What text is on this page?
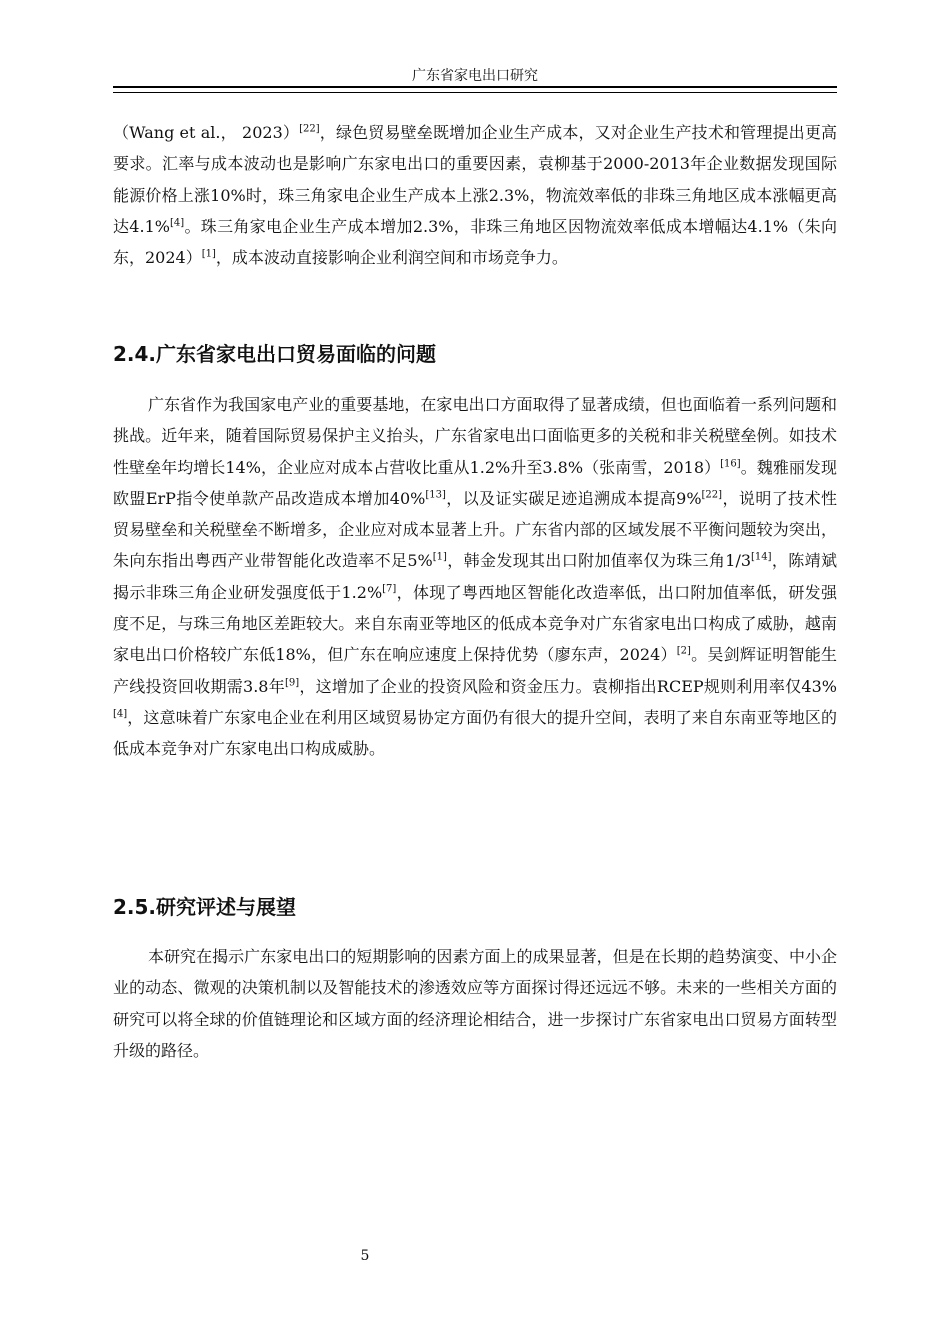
广东省家电出口研究

（Wang et al.， 2023）[22]，绿色贸易壁垒既增加企业生产成本，又对企业生产技术和管理提出更高要求。汇率与成本波动也是影响广东家电出口的重要因素，袁柳基于2000-2013年企业数据发现国际能源价格上涨10%时，珠三角家电企业生产成本上涨2.3%，物流效率低的非珠三角地区成本涨幅更高达4.1%[4]。珠三角家电企业生产成本增加2.3%，非珠三角地区因物流效率低成本增幅达4.1%（朱向东，2024）[1]，成本波动直接影响企业利润空间和市场竞争力。

2.4.广东省家电出口贸易面临的问题

广东省作为我国家电产业的重要基地，在家电出口方面取得了显著成绩，但也面临着一系列问题和挑战。近年来，随着国际贸易保护主义抬头，广东省家电出口面临更多的关税和非关税壁垒例。如技术性壁垒年均增长14%，企业应对成本占营收比重从1.2%升至3.8%（张南雪，2018）[16]。魏雅丽发现欧盟ErP指令使单款产品改造成本增加40%[13]，以及证实碳足迹追溯成本提高9%[22]，说明了技术性贸易壁垒和关税壁垒不断增多，企业应对成本显著上升。广东省内部的区域发展不平衡问题较为突出，朱向东指出粤西产业带智能化改造率不足5%[1]，韩金发现其出口附加值率仅为珠三角1/3[14]，陈靖斌揭示非珠三角企业研发强度低于1.2%[7]，体现了粤西地区智能化改造率低，出口附加值率低，研发强度不足，与珠三角地区差距较大。来自东南亚等地区的低成本竞争对广东省家电出口构成了威胁，越南家电出口价格较广东低18%，但广东在响应速度上保持优势（廖东声，2024）[2]。吴剑辉证明智能生产线投资回收期需3.8年[9]，这增加了企业的投资风险和资金压力。袁柳指出RCEP规则利用率仅43%[4]，这意味着广东家电企业在利用区域贸易协定方面仍有很大的提升空间，表明了来自东南亚等地区的低成本竞争对广东家电出口构成威胁。

2.5.研究评述与展望

本研究在揭示广东家电出口的短期影响的因素方面上的成果显著，但是在长期的趋势演变、中小企业的动态、微观的决策机制以及智能技术的渗透效应等方面探讨得还远远不够。未来的一些相关方面的研究可以将全球的价值链理论和区域方面的经济理论相结合，进一步探讨广东省家电出口贸易方面转型升级的路径。

5
